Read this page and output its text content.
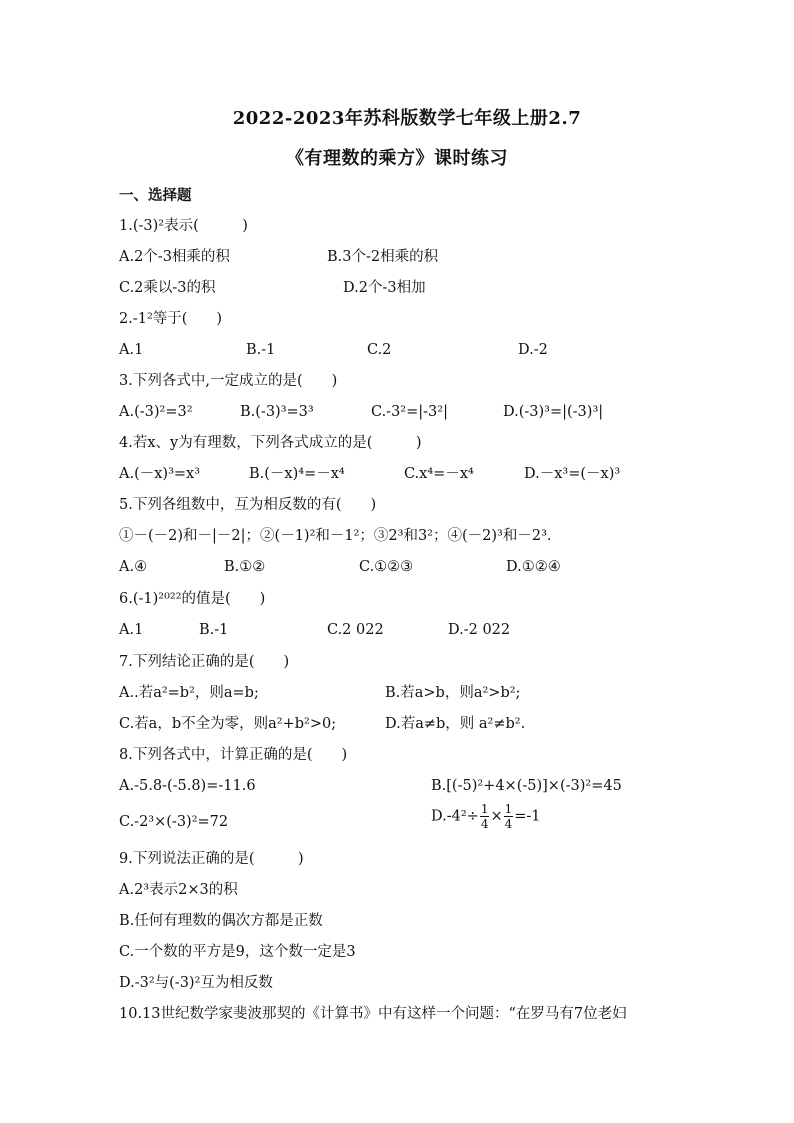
2022-2023年苏科版数学七年级上册2.7
《有理数的乘方》课时练习
一、选择题
1.(-3)²表示(　　　)
A.2个-3相乘的积	B.3个-2相乘的积
C.2乘以-3的积	D.2个-3相加
2.-1²等于(　　)
A.1	B.-1	C.2	D.-2
3.下列各式中,一定成立的是(　　)
A.(-3)²=3²	B.(-3)³=3³	C.-3²=|-3²|	D.(-3)³=|(-3)³|
4.若x、y为有理数，下列各式成立的是(　　　)
A.(－x)³=x³	B.(－x)⁴=－x⁴	C.x⁴=－x⁴	D.－x³=(－x)³
5.下列各组数中，互为相反数的有(　　)
①－(－2)和－|－2|；②(－1)²和－1²；③2³和3²；④(－2)³和－2³.
A.④	B.①②	C.①②③	D.①②④
6.(-1)²⁰²²的值是(　　)
A.1	B.-1	C.2 022	D.-2 022
7.下列结论正确的是(　　)
A..若a²=b²，则a=b;	B.若a>b，则a²>b²;
C.若a，b不全为零，则a²+b²>0;	D.若a≠b，则 a²≠b².
8.下列各式中，计算正确的是(　　)
A.-5.8-(-5.8)=-11.6	B.[(-5)²+4×(-5)]×(-3)²=45
C.-2³×(-3)²=72	$D.-4^2\div \frac{1}{4} \times \frac{1}{4} =-1$
9.下列说法正确的是(　　　)
A.2³表示2×3的积
B.任何有理数的偶次方都是正数
C.一个数的平方是9，这个数一定是3
D.-3²与(-3)²互为相反数
10.13世纪数学家斐波那契的《计算书》中有这样一个问题：“在罗马有7位老妇
